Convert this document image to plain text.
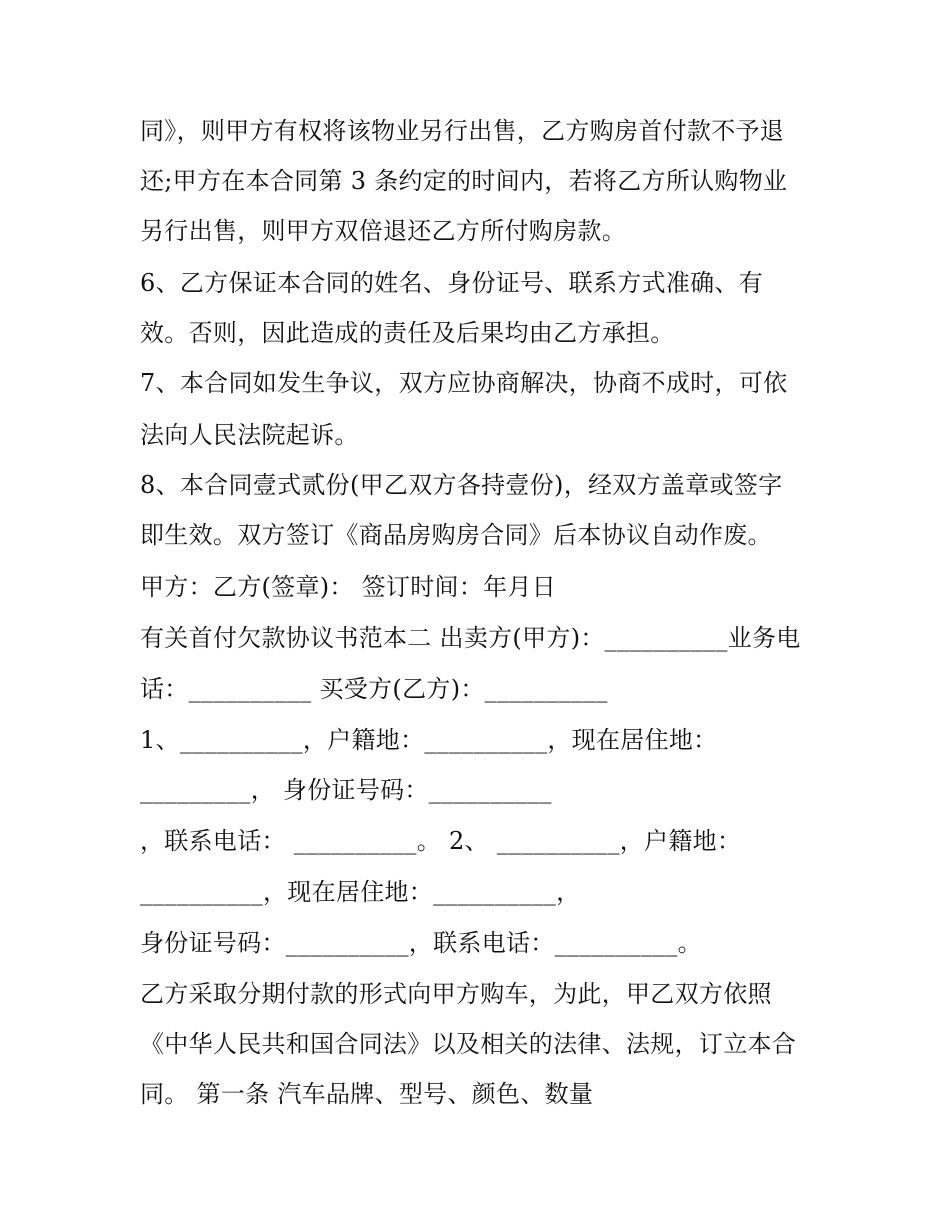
同》，则甲方有权将该物业另行出售，乙方购房首付款不予退
还;甲方在本合同第 3 条约定的时间内，若将乙方所认购物业
另行出售，则甲方双倍退还乙方所付购房款。
6、乙方保证本合同的姓名、身份证号、联系方式准确、有
效。否则，因此造成的责任及后果均由乙方承担。
7、本合同如发生争议，双方应协商解决，协商不成时，可依
法向人民法院起诉。
8、本合同壹式贰份(甲乙双方各持壹份)，经双方盖章或签字
即生效。双方签订《商品房购房合同》后本协议自动作废。
甲方：乙方(签章)： 签订时间：年月日
有关首付欠款协议书范本二 出卖方(甲方)：__________业务电
话：__________ 买受方(乙方)：__________
1、__________，户籍地：__________，现在居住地：
_________， 身份证号码：__________
，联系电话： __________。 2、 __________，户籍地：
__________，现在居住地：__________，
身份证号码：__________，联系电话：__________。
乙方采取分期付款的形式向甲方购车，为此，甲乙双方依照
《中华人民共和国合同法》以及相关的法律、法规，订立本合
同。 第一条 汽车品牌、型号、颜色、数量
